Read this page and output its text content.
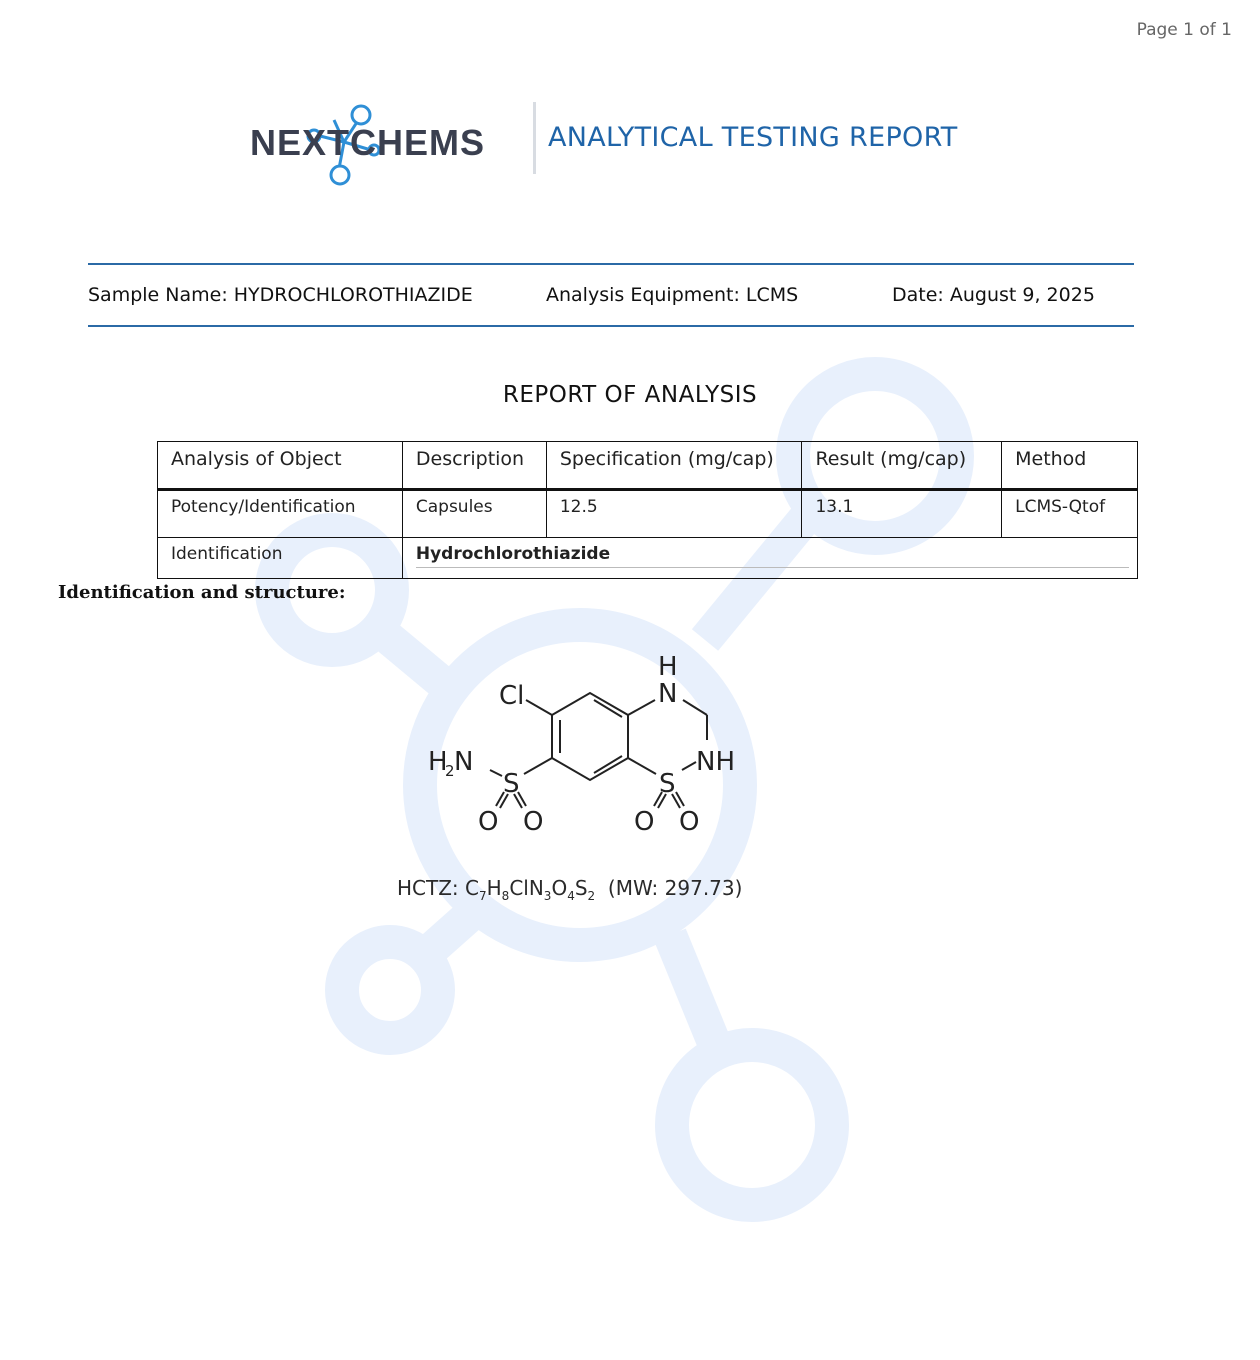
Page 1 of 1
NEXTCHEMS ANALYTICAL TESTING REPORT
Sample Name: HYDROCHLOROTHIAZIDE	Analysis Equipment: LCMS	Date: August 9, 2025
REPORT OF ANALYSIS
Analysis of Object	Description	Specification (mg/cap)	Result (mg/cap)	Method
Potency/Identification	Capsules	12.5	13.1	LCMS-Qtof
Identification	Hydrochlorothiazide			
Identification and structure:
Cl
H
N
NH
H
2 N
S
O O
S
O O
HCTZ: $C_7H_8ClN_3O_4S_2$ (MW: 297.73)
